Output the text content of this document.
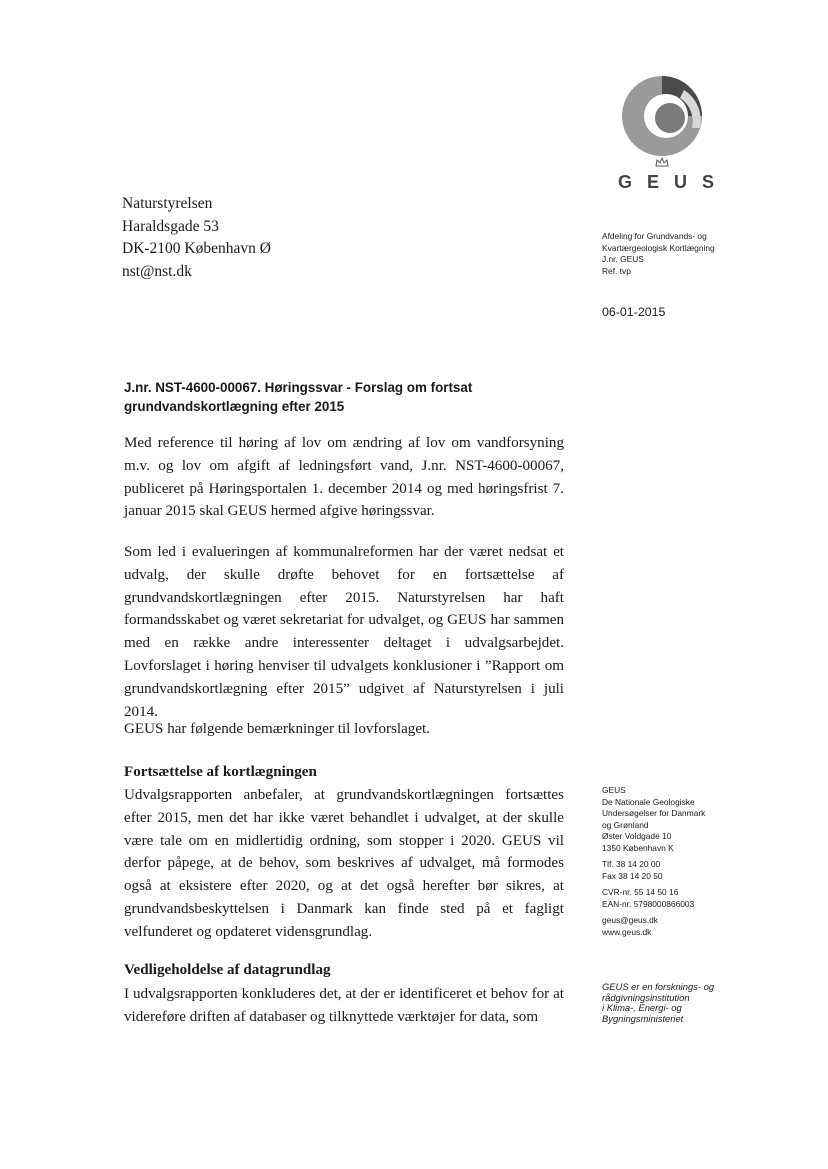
GEUS
Naturstyrelsen
Haraldsgade 53
DK-2100 København Ø
nst@nst.dk
Afdeling for Grundvands- og
Kvartærgeologisk Kortlægning
J.nr. GEUS
Ref. tvp
06-01-2015
J.nr. NST-4600-00067. Høringssvar - Forslag om fortsat
grundvandskortlægning efter 2015

Med reference til høring af lov om ændring af lov om vandforsyning m.v. og lov om afgift af ledningsført vand, J.nr. NST-4600-00067, publiceret på Høringsportalen 1. december 2014 og med høringsfrist 7. januar 2015 skal GEUS hermed afgive høringssvar.

Som led i evalueringen af kommunalreformen har der været nedsat et udvalg, der skulle drøfte behovet for en fortsættelse af grundvandskortlægningen efter 2015. Naturstyrelsen har haft formandsskabet og været sekretariat for udvalget, og GEUS har sammen med en række andre interessenter deltaget i udvalgsarbejdet. Lovforslaget i høring henviser til udvalgets konklusioner i ”Rapport om grundvandskortlægning efter 2015” udgivet af Naturstyrelsen i juli 2014.

GEUS har følgende bemærkninger til lovforslaget.

Fortsættelse af kortlægningen

Udvalgsrapporten anbefaler, at grundvandskortlægningen fortsættes efter 2015, men det har ikke været behandlet i udvalget, at der skulle være tale om en midlertidig ordning, som stopper i 2020. GEUS vil derfor påpege, at de behov, som beskrives af udvalget, må formodes også at eksistere efter 2020, og at det også herefter bør sikres, at grundvandsbeskyttelsen i Danmark kan finde sted på et fagligt velfunderet og opdateret vidensgrundlag.

Vedligeholdelse af datagrundlag

I udvalgsrapporten konkluderes det, at der er identificeret et behov for at videreføre driften af databaser og tilknyttede værktøjer for data, som

GEUS
De Nationale Geologiske
Undersøgelser for Danmark
og Grønland
Øster Voldgade 10
1350 København K
Tlf. 38 14 20 00
Fax 38 14 20 50
CVR-nr. 55 14 50 16
EAN-nr. 5798000866003
geus@geus.dk
www.geus.dk
GEUS er en forsknings- og
rådgivningsinstitution
i Klima-, Energi- og
Bygningsministeriet
